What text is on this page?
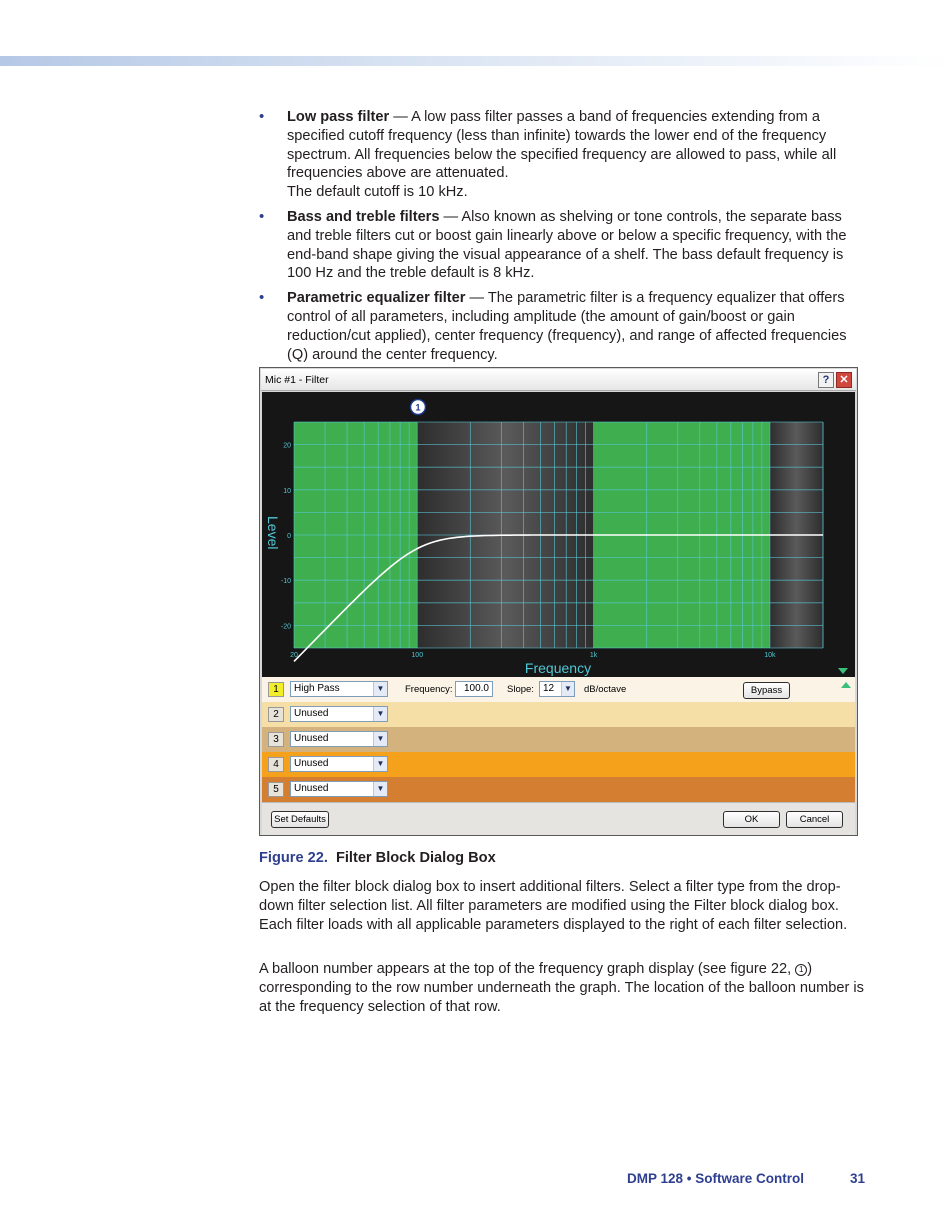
• Low pass filter — A low pass filter passes a band of frequencies extending from a specified cutoff frequency (less than infinite) towards the lower end of the frequency spectrum. All frequencies below the specified frequency are allowed to pass, while all frequencies above are attenuated.
The default cutoff is 10 kHz.
• Bass and treble filters — Also known as shelving or tone controls, the separate bass and treble filters cut or boost gain linearly above or below a specific frequency, with the end-band shape giving the visual appearance of a shelf. The bass default frequency is 100 Hz and the treble default is 8 kHz.
• Parametric equalizer filter — The parametric filter is a frequency equalizer that offers control of all parameters, including amplitude (the amount of gain/boost or gain reduction/cut applied), center frequency (frequency), and range of affected frequencies (Q) around the center frequency.
Mic #1 - Filter	? ✕
20
10
0
-10
-20
20	100	1k	10k
Level
Frequency
1
1	High Pass	▼ Frequency:	100.0	Slope: 12	▼ dB/octave	Bypass
2	Unused	▼
3	Unused	▼
4	Unused	▼
5	Unused	▼
Set Defaults	OK	Cancel
Figure 22. Filter Block Dialog Box

Open the filter block dialog box to insert additional filters. Select a filter type from the drop-down filter selection list. All filter parameters are modified using the Filter block dialog box. Each filter loads with all applicable parameters displayed to the right of each filter selection.

A balloon number appears at the top of the frequency graph display (see figure 22, 1 ) corresponding to the row number underneath the graph. The location of the balloon number is at the frequency selection of that row.

DMP 128 • Software Control	31
